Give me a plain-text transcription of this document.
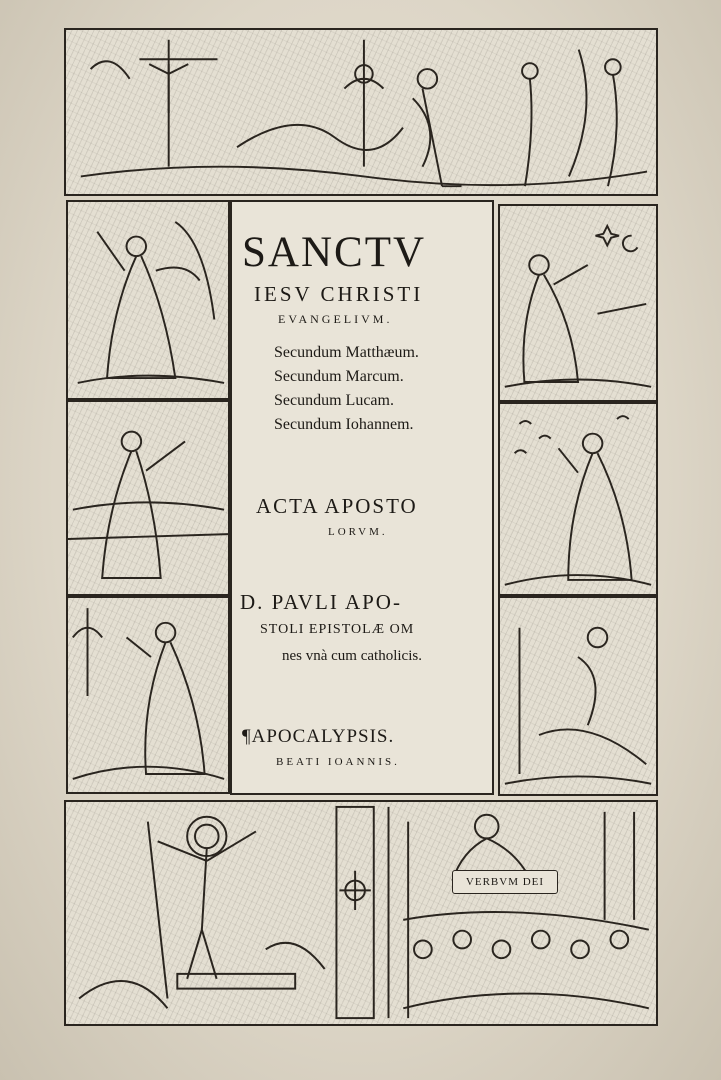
SANCTV
IESV CHRISTI
EVANGELIVM.
Secundum Matthæum.
Secundum Marcum.
Secundum Lucam.
Secundum Iohannem.
ACTA APOSTO
LORVM.
D. PAVLI APO-
STOLI EPISTOLÆ OM
nes vnà cum catholicis.
¶APOCALYPSIS.
BEATI IOANNIS.
VERBVM DEI
